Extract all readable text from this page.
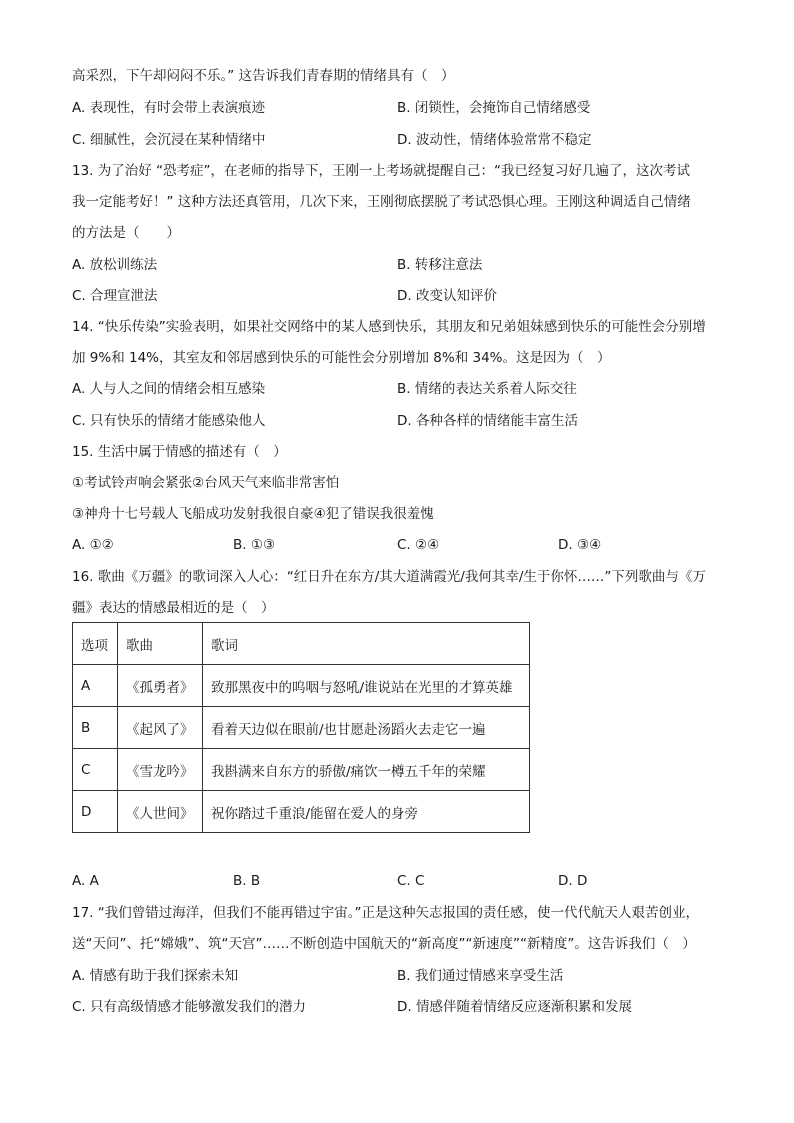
高采烈，下午却闷闷不乐。” 这告诉我们青春期的情绪具有（　）
A. 表现性，有时会带上表演痕迹	B. 闭锁性，会掩饰自己情绪感受
C. 细腻性，会沉浸在某种情绪中	D. 波动性，情绪体验常常不稳定
13. 为了治好 “恐考症”，在老师的指导下，王刚一上考场就提醒自己：“我已经复习好几遍了，这次考试
我一定能考好！” 这种方法还真管用，几次下来，王刚彻底摆脱了考试恐惧心理。王刚这种调适自己情绪
的方法是（　　）
A. 放松训练法	B. 转移注意法
C. 合理宣泄法	D. 改变认知评价
14. “快乐传染”实验表明，如果社交网络中的某人感到快乐，其朋友和兄弟姐妹感到快乐的可能性会分别增
加 9%和 14%，其室友和邻居感到快乐的可能性会分别增加 8%和 34%。这是因为（　）
A. 人与人之间的情绪会相互感染	B. 情绪的表达关系着人际交往
C. 只有快乐的情绪才能感染他人	D. 各种各样的情绪能丰富生活
15. 生活中属于情感的描述有（　）
①考试铃声响会紧张②台风天气来临非常害怕
③神舟十七号载人飞船成功发射我很自豪④犯了错误我很羞愧
A. ①②	B. ①③	C. ②④	D. ③④
16. 歌曲《万疆》的歌词深入人心：“红日升在东方/其大道满霞光/我何其幸/生于你怀……”下列歌曲与《万
疆》表达的情感最相近的是（　）
选项	歌曲	歌词
A	《孤勇者》	致那黑夜中的呜咽与怒吼/谁说站在光里的才算英雄
B	《起风了》	看着天边似在眼前/也甘愿赴汤蹈火去走它一遍
C	《雪龙吟》	我斟满来自东方的骄傲/痛饮一樽五千年的荣耀
D	《人世间》	祝你踏过千重浪/能留在爱人的身旁
A. A	B. B	C. C	D. D
17. “我们曾错过海洋，但我们不能再错过宇宙。”正是这种矢志报国的责任感，使一代代航天人艰苦创业，
送“天问”、托“嫦娥”、筑“天宫”……不断创造中国航天的“新高度”“新速度”“新精度”。这告诉我们（　）
A. 情感有助于我们探索未知	B. 我们通过情感来享受生活
C. 只有高级情感才能够激发我们的潜力	D. 情感伴随着情绪反应逐渐积累和发展
